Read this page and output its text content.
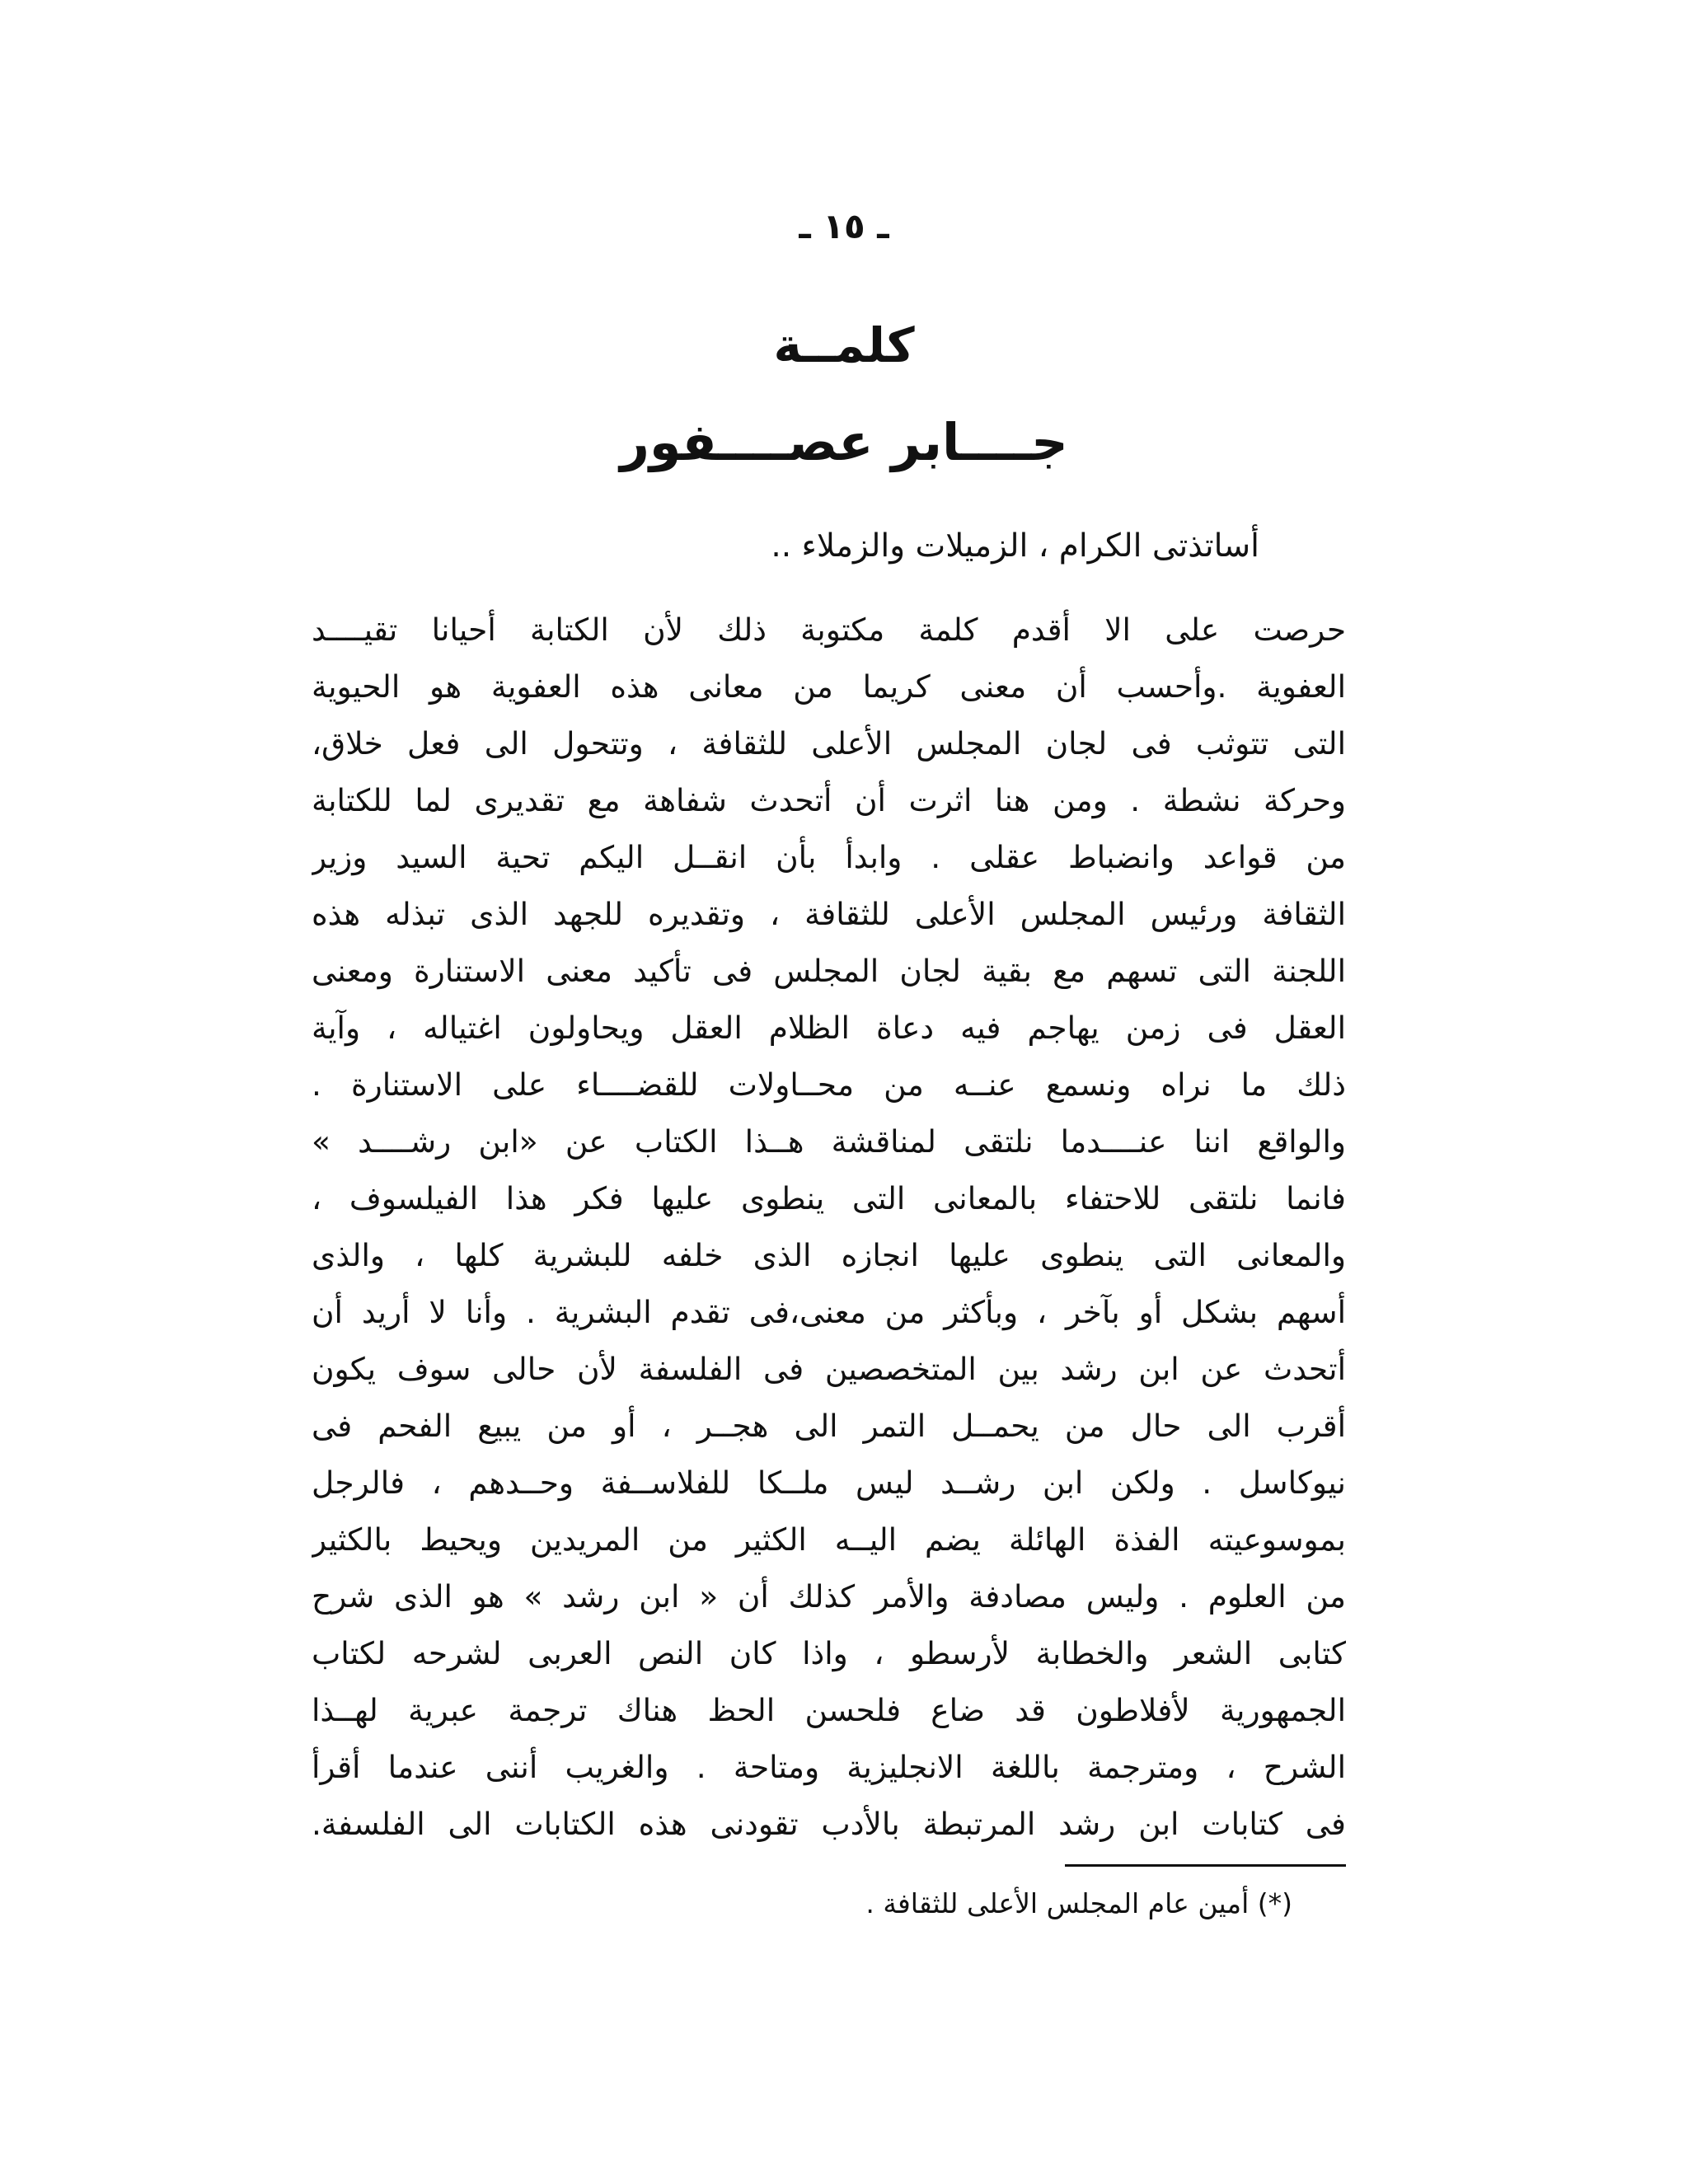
ـ ١٥ ـ
كلمــة
جــــابر عصــــفور
أساتذتى الكرام ، الزميلات والزملاء ..
حرصت على الا أقدم كلمة مكتوبة ذلك لأن الكتابة أحيانا تقيــــد
العفوية .وأحسب أن معنى كريما من معانى هذه العفوية هو الحيوية
التى تتوثب فى لجان المجلس الأعلى للثقافة ، وتتحول الى فعل خلاق،
وحركة نشطة . ومن هنا اثرت أن أتحدث شفاهة مع تقديرى لما للكتابة
من قواعد وانضباط عقلى . وابدأ بأن انقــل اليكم تحية السيد وزير
الثقافة ورئيس المجلس الأعلى للثقافة ، وتقديره للجهد الذى تبذله هذه
اللجنة التى تسهم مع بقية لجان المجلس فى تأكيد معنى الاستنارة ومعنى
العقل فى زمن يهاجم فيه دعاة الظلام العقل ويحاولون اغتياله ، وآية
ذلك ما نراه ونسمع عنــه من محــاولات للقضــــاء على الاستنارة .
والواقع اننا عنــــدما نلتقى لمناقشة هــذا الكتاب عن «ابن رشــــد »
فانما نلتقى للاحتفاء بالمعانى التى ينطوى عليها فكر هذا الفيلسوف ،
والمعانى التى ينطوى عليها انجازه الذى خلفه للبشرية كلها ، والذى
أسهم بشكل أو بآخر ، وبأكثر من معنى،فى تقدم البشرية . وأنا لا أريد أن
أتحدث عن ابن رشد بين المتخصصين فى الفلسفة لأن حالى سوف يكون
أقرب الى حال من يحمــل التمر الى هجــر ، أو من يبيع الفحم فى
نيوكاسل . ولكن ابن رشــد ليس ملــكا للفلاســفة وحــدهم ، فالرجل
بموسوعيته الفذة الهائلة يضم اليــه الكثير من المريدين ويحيط بالكثير
من العلوم . وليس مصادفة والأمر كذلك أن « ابن رشد » هو الذى شرح
كتابى الشعر والخطابة لأرسطو ، واذا كان النص العربى لشرحه لكتاب
الجمهورية لأفلاطون قد ضاع فلحسن الحظ هناك ترجمة عبرية لهــذا
الشرح ، ومترجمة باللغة الانجليزية ومتاحة . والغريب أننى عندما أقرأ
فى كتابات ابن رشد المرتبطة بالأدب تقودنى هذه الكتابات الى الفلسفة.
(*) أمين عام المجلس الأعلى للثقافة .
